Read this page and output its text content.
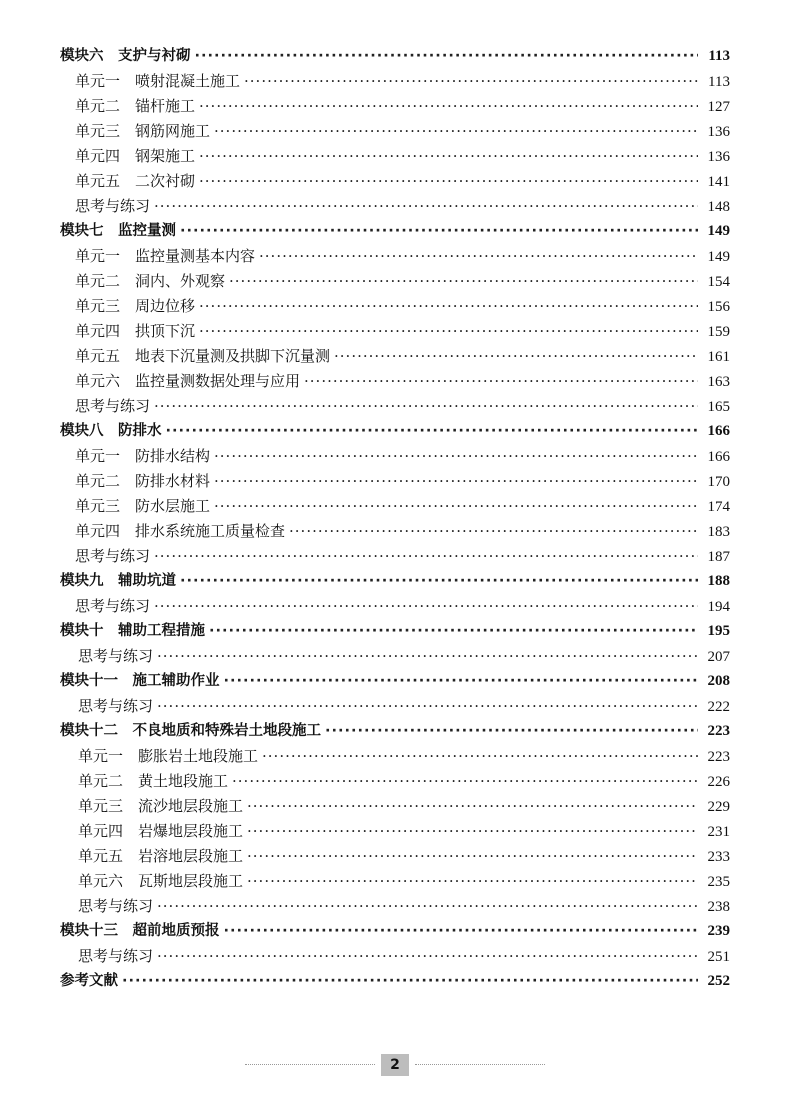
模块六　支护与衬砌 ·····	113
单元一　喷射混凝土施工 ·····	113
单元二　锚杆施工 ·····	127
单元三　钢筋网施工 ·····	136
单元四　钢架施工 ·····	136
单元五　二次衬砌 ·····	141
思考与练习 ·····	148
模块七　监控量测 ·····	149
单元一　监控量测基本内容 ·····	149
单元二　洞内、外观察 ·····	154
单元三　周边位移 ·····	156
单元四　拱顶下沉 ·····	159
单元五　地表下沉量测及拱脚下沉量测 ·····	161
单元六　监控量测数据处理与应用 ·····	163
思考与练习 ·····	165
模块八　防排水 ·····	166
单元一　防排水结构 ·····	166
单元二　防排水材料 ·····	170
单元三　防水层施工 ·····	174
单元四　排水系统施工质量检查 ·····	183
思考与练习 ·····	187
模块九　辅助坑道 ·····	188
思考与练习 ·····	194
模块十　辅助工程措施 ·····	195
思考与练习 ·····	207
模块十一　施工辅助作业 ·····	208
思考与练习 ·····	222
模块十二　不良地质和特殊岩土地段施工 ·····	223
单元一　膨胀岩土地段施工 ·····	223
单元二　黄土地段施工 ·····	226
单元三　流沙地层段施工 ·····	229
单元四　岩爆地层段施工 ·····	231
单元五　岩溶地层段施工 ·····	233
单元六　瓦斯地层段施工 ·····	235
思考与练习 ·····	238
模块十三　超前地质预报 ·····	239
思考与练习 ·····	251
参考文献 ·····	252
2
